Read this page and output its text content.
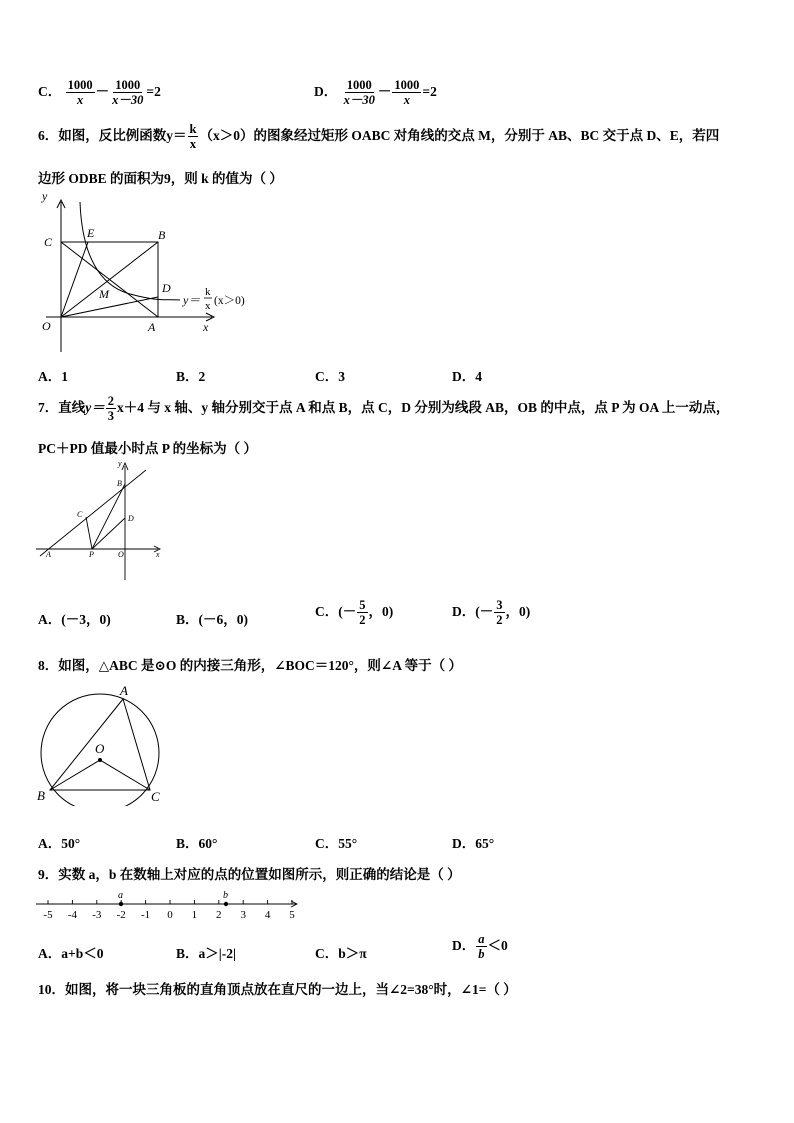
C． $\frac{1000}{x} - \frac{1000}{x-30} =2$	D． $\frac{1000}{x-30} - \frac{1000}{x} =2$
6．如图，反比例函数$y= \frac{k}{x} (x>0)$的图象经过矩形 OABC 对角线的交点 M，分别于 AB、BC 交于点 D、E，若四
边形 ODBE 的面积为9，则 k 的值为（ ）
y
x
C
E	B
M	D
O	A
y＝
k
x (x＞0)
A．1	B．2	C．3	D．4
7．直线$y= \frac{2}{3} x+4$ 与 x 轴、y 轴分别交于点 A 和点 B，点 C，D 分别为线段 AB，OB 的中点，点 P 为 OA 上一动点，
PC＋PD 值最小时点 P 的坐标为（ ）
y
x
B
C	D
A	P	O
A．(－3，0)	B．(－6，0)
C．(－ $\frac{5}{2}$ ，0)	D．(－ $\frac{3}{2}$ ，0)
8．如图，△ABC 是⊙O 的内接三角形，∠BOC＝120°，则∠A 等于（ ）
A
O
B	C
A．50°	B．60°	C．55°	D．65°
9．实数 a，b 在数轴上对应的点的位置如图所示，则正确的结论是（ ）
-5 -4 -3 -2 -1 0 1 2 3 4 5
a	b
A．a+b＜0	B．a＞|-2|	C．b＞π
D． $\frac{a}{b} <0$
10．如图，将一块三角板的直角顶点放在直尺的一边上，当∠2=38°时，∠1=（ ）
